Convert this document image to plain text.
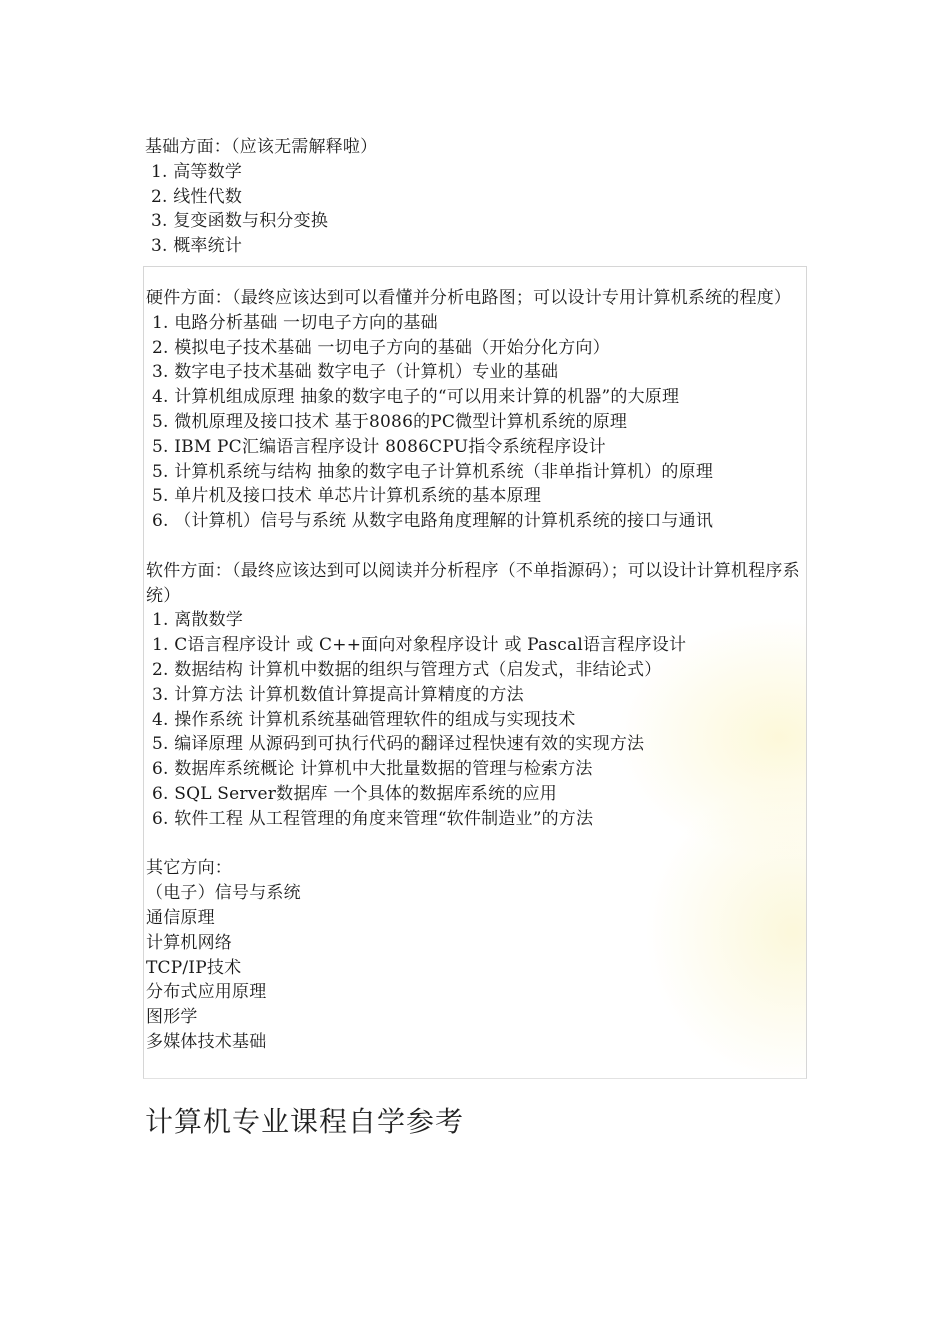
基础方面：（应该无需解释啦）
1. 高等数学
2. 线性代数
3. 复变函数与积分变换
3. 概率统计
硬件方面：（最终应该达到可以看懂并分析电路图；可以设计专用计算机系统的程度）
1. 电路分析基础 一切电子方向的基础
2. 模拟电子技术基础 一切电子方向的基础（开始分化方向）
3. 数字电子技术基础 数字电子（计算机）专业的基础
4. 计算机组成原理 抽象的数字电子的“可以用来计算的机器”的大原理
5. 微机原理及接口技术 基于8086的PC微型计算机系统的原理
5. IBM PC汇编语言程序设计 8086CPU指令系统程序设计
5. 计算机系统与结构 抽象的数字电子计算机系统（非单指计算机）的原理
5. 单片机及接口技术 单芯片计算机系统的基本原理
6. （计算机）信号与系统 从数字电路角度理解的计算机系统的接口与通讯
软件方面：（最终应该达到可以阅读并分析程序（不单指源码）；可以设计计算机程序系统）
1. 离散数学
1. C语言程序设计 或 C++面向对象程序设计 或 Pascal语言程序设计
2. 数据结构 计算机中数据的组织与管理方式（启发式，非结论式）
3. 计算方法 计算机数值计算提高计算精度的方法
4. 操作系统 计算机系统基础管理软件的组成与实现技术
5. 编译原理 从源码到可执行代码的翻译过程快速有效的实现方法
6. 数据库系统概论 计算机中大批量数据的管理与检索方法
6. SQL Server数据库 一个具体的数据库系统的应用
6. 软件工程 从工程管理的角度来管理“软件制造业”的方法
其它方向：
（电子）信号与系统
通信原理
计算机网络
TCP/IP技术
分布式应用原理
图形学
多媒体技术基础
计算机专业课程自学参考
